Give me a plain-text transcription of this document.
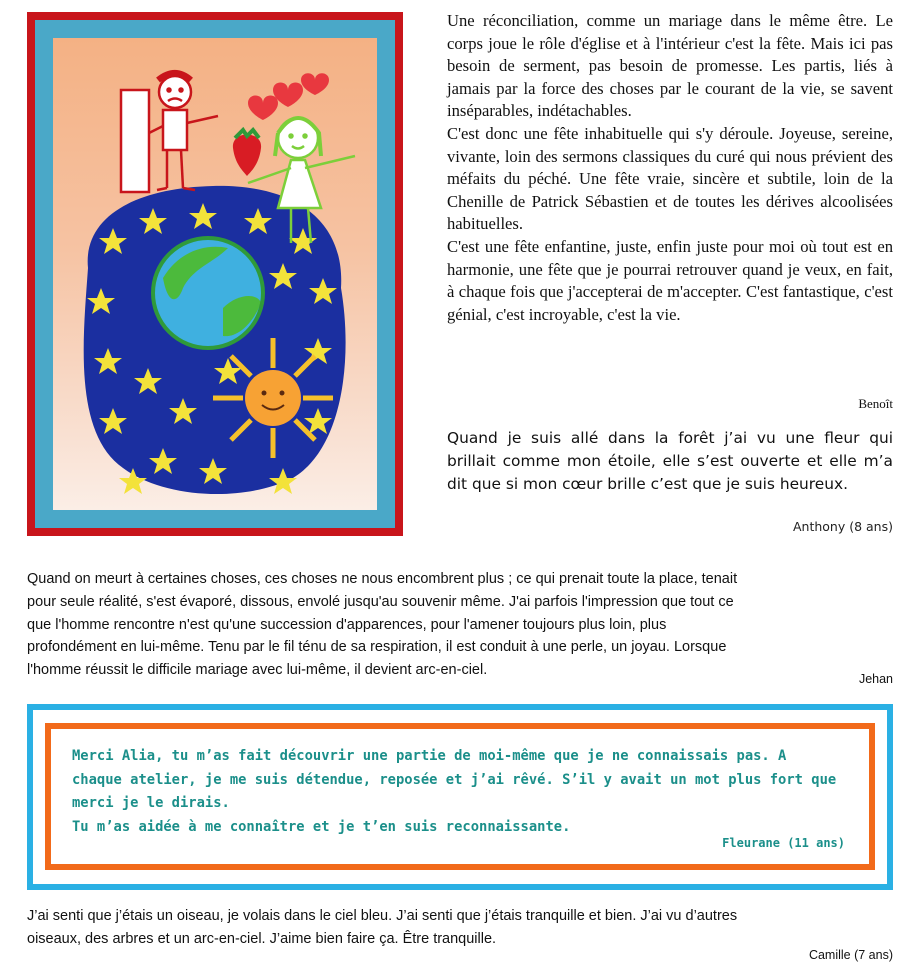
Une réconciliation, comme un mariage dans le même être. Le corps joue le rôle d'église et à l'intérieur c'est la fête. Mais ici pas besoin de serment, pas besoin de promesse. Les partis, liés à jamais par la force des choses par le courant de la vie, se savent inséparables, indétachables.

C'est donc une fête inhabituelle qui s'y déroule. Joyeuse, sereine, vivante, loin des sermons classiques du curé qui nous prévient des méfaits du péché. Une fête vraie, sincère et subtile, loin de la Chenille de Patrick Sébastien et de toutes les dérives alcoolisées habituelles.

C'est une fête enfantine, juste, enfin juste pour moi où tout est en harmonie, une fête que je pourrai retrouver quand je veux, en fait, à chaque fois que j'accepterai de m'accepter. C'est fantastique, c'est génial, c'est incroyable, c'est la vie.

Benoît
Quand je suis allé dans la forêt j’ai vu une fleur qui brillait comme mon étoile, elle s’est ouverte et elle m’a dit que si mon cœur brille c’est que je suis heureux.
Anthony (8 ans)
Quand on meurt à certaines choses, ces choses ne nous encombrent plus ; ce qui prenait toute la place, tenait
pour seule réalité, s'est évaporé, dissous, envolé jusqu'au souvenir même. J'ai parfois l'impression que tout ce
que l'homme rencontre n'est qu'une succession d'apparences, pour l'amener toujours plus loin, plus
profondément en lui-même. Tenu par le fil ténu de sa respiration, il est conduit à une perle, un joyau. Lorsque
l'homme réussit le difficile mariage avec lui-même, il devient arc-en-ciel.
Jehan
Merci Alia, tu m’as fait découvrir une partie de moi-même que je ne connaissais pas. A
chaque atelier, je me suis détendue, reposée et j’ai rêvé. S’il y avait un mot plus fort que
merci je le dirais.
Tu m’as aidée à me connaître et je t’en suis reconnaissante.
Fleurane (11 ans)
J’ai senti que j’étais un oiseau, je volais dans le ciel bleu. J’ai senti que j’étais tranquille et bien. J’ai vu d’autres
oiseaux, des arbres et un arc-en-ciel. J’aime bien faire ça. Être tranquille.
Camille (7 ans)
